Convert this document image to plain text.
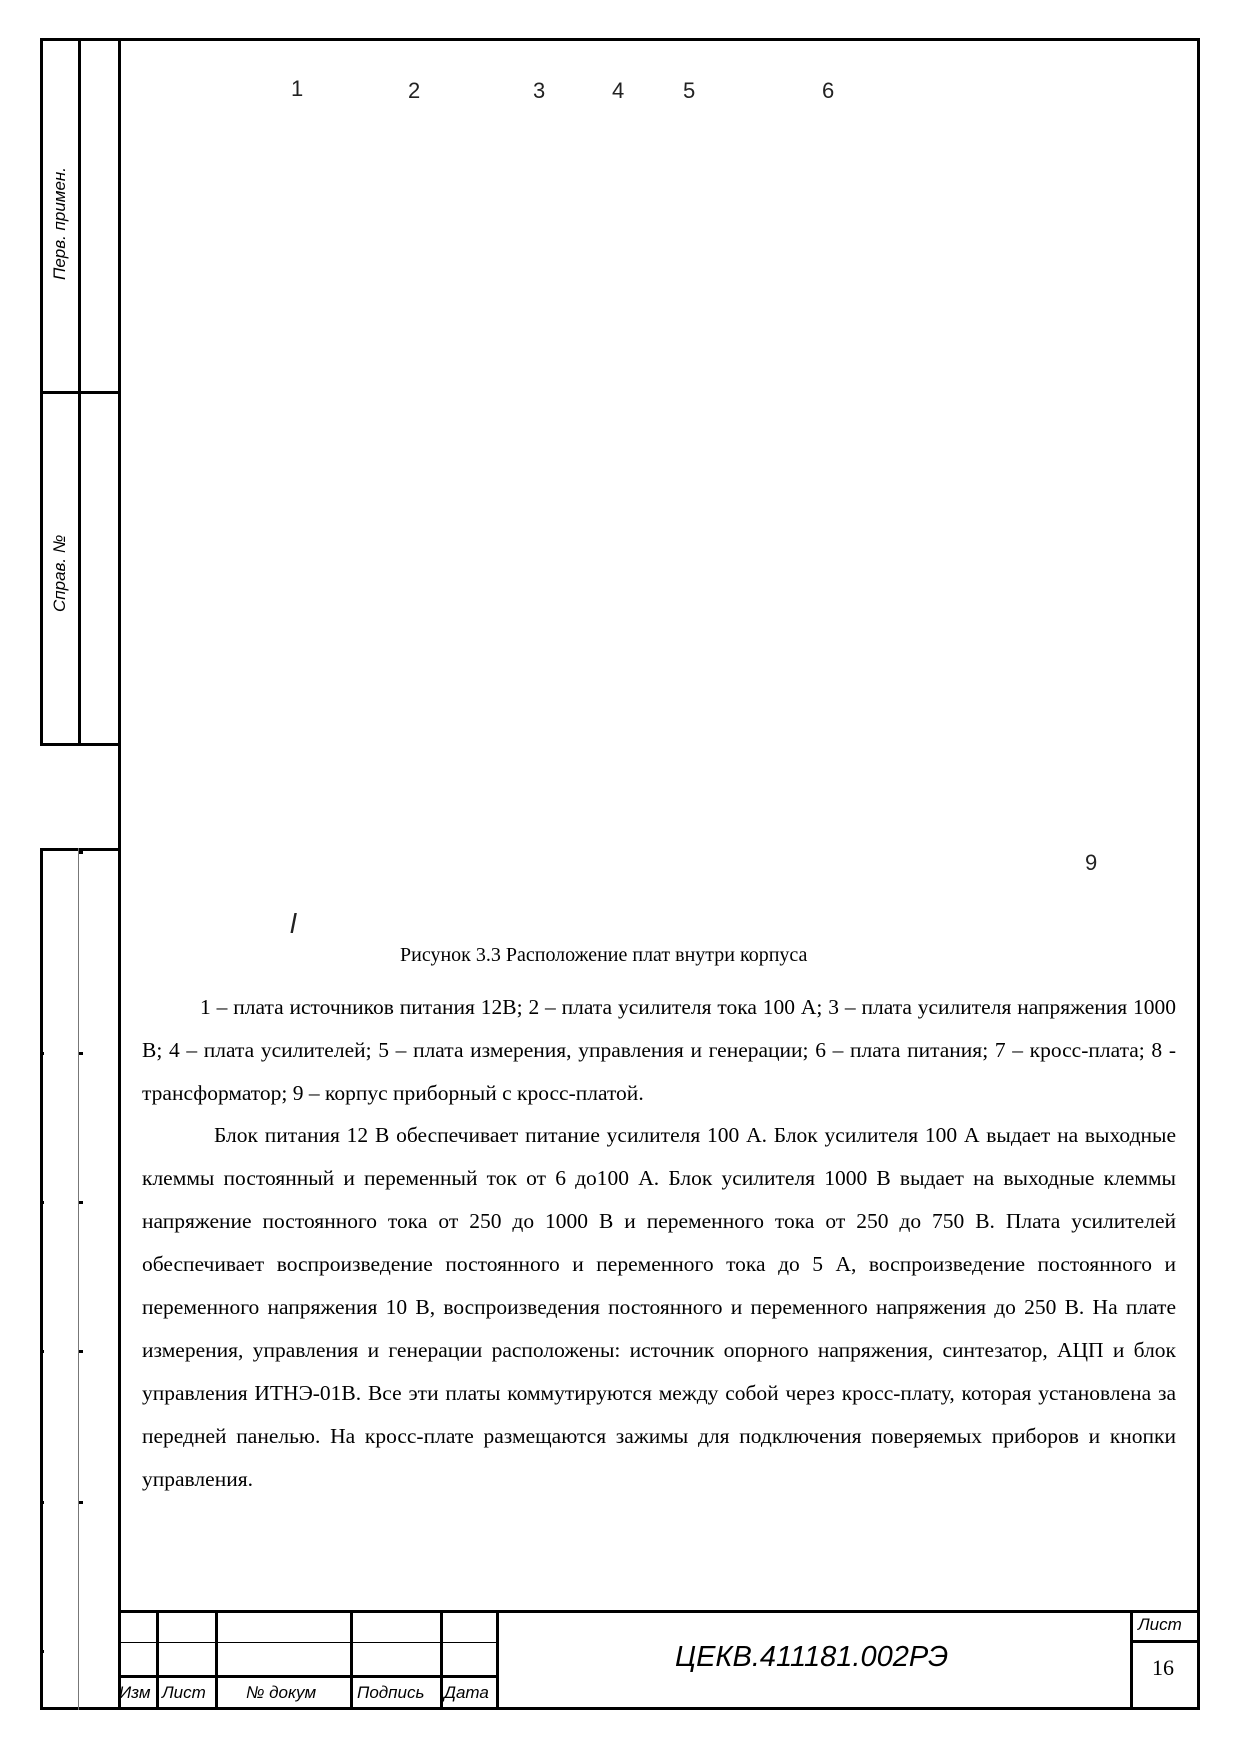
Перв. примен.
Справ. №
1	2	3	4	5	6
9
l
Рисунок 3.3 Расположение плат внутри корпуса

1 – плата источников питания 12В; 2 – плата усилителя тока 100 А; 3 – плата усилителя напряжения 1000 В; 4 – плата усилителей; 5 – плата измерения, управления и генерации; 6 – плата питания; 7 – кросс-плата; 8 - трансформатор; 9 – корпус приборный с кросс-платой.

Блок питания 12 В обеспечивает питание усилителя 100 А. Блок усилителя 100 А выдает на выходные клеммы постоянный и переменный ток от 6 до100 А. Блок усилителя 1000 В выдает на выходные клеммы напряжение постоянного тока от 250 до 1000 В и переменного тока от 250 до 750 В. Плата усилителей обеспечивает воспроизведение постоянного и переменного тока до 5 А, воспроизведение постоянного и переменного напряжения 10 В, воспроизведения постоянного и переменного напряжения до 250 В. На плате измерения, управления и генерации расположены: источник опорного напряжения, синтезатор, АЦП и блок управления ИТНЭ-01В. Все эти платы коммутируются между собой через кросс-плату, которая установлена за передней панелью. На кросс-плате размещаются зажимы для подключения поверяемых приборов и кнопки управления.

Изм Лист № докум Подпись Дата
ЦЕКВ.411181.002РЭ
Лист
16
